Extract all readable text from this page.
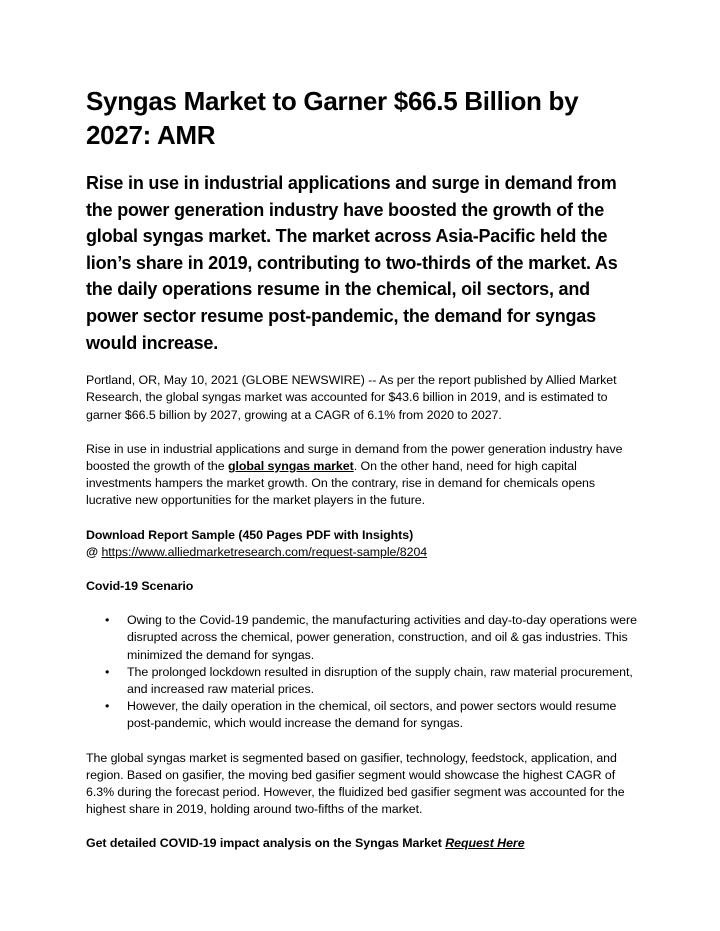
Syngas Market to Garner $66.5 Billion by 2027: AMR
Rise in use in industrial applications and surge in demand from the power generation industry have boosted the growth of the global syngas market. The market across Asia-Pacific held the lion’s share in 2019, contributing to two-thirds of the market. As the daily operations resume in the chemical, oil sectors, and power sector resume post-pandemic, the demand for syngas would increase.

Portland, OR, May 10, 2021 (GLOBE NEWSWIRE) -- As per the report published by Allied Market Research, the global syngas market was accounted for $43.6 billion in 2019, and is estimated to garner $66.5 billion by 2027, growing at a CAGR of 6.1% from 2020 to 2027.

Rise in use in industrial applications and surge in demand from the power generation industry have boosted the growth of the global syngas market. On the other hand, need for high capital investments hampers the market growth. On the contrary, rise in demand for chemicals opens lucrative new opportunities for the market players in the future.

Download Report Sample (450 Pages PDF with Insights)
@ https://www.alliedmarketresearch.com/request-sample/8204

Covid-19 Scenario

• Owing to the Covid-19 pandemic, the manufacturing activities and day-to-day operations were disrupted across the chemical, power generation, construction, and oil & gas industries. This minimized the demand for syngas.
• The prolonged lockdown resulted in disruption of the supply chain, raw material procurement, and increased raw material prices.
• However, the daily operation in the chemical, oil sectors, and power sectors would resume post-pandemic, which would increase the demand for syngas.

The global syngas market is segmented based on gasifier, technology, feedstock, application, and region. Based on gasifier, the moving bed gasifier segment would showcase the highest CAGR of 6.3% during the forecast period. However, the fluidized bed gasifier segment was accounted for the highest share in 2019, holding around two-fifths of the market.

Get detailed COVID-19 impact analysis on the Syngas Market Request Here
